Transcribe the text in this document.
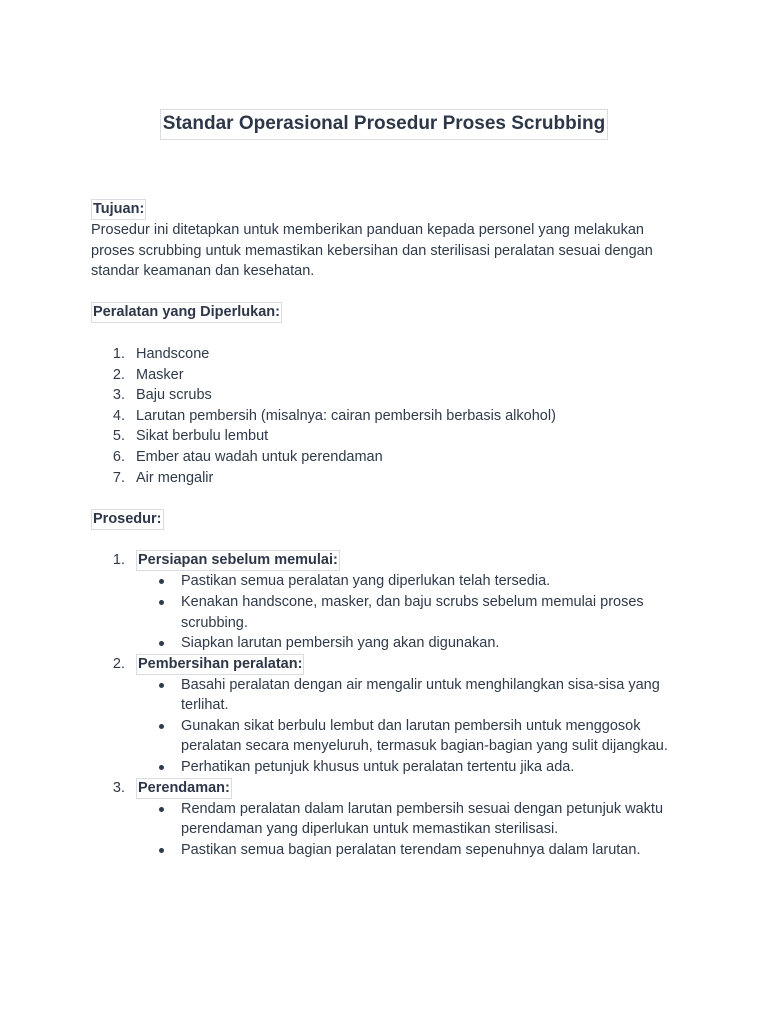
Standar Operasional Prosedur Proses Scrubbing
Tujuan:

Prosedur ini ditetapkan untuk memberikan panduan kepada personel yang melakukan proses scrubbing untuk memastikan kebersihan dan sterilisasi peralatan sesuai dengan standar keamanan dan kesehatan.

Peralatan yang Diperlukan:
1. Handscone
2. Masker
3. Baju scrubs
4. Larutan pembersih (misalnya: cairan pembersih berbasis alkohol)
5. Sikat berbulu lembut
6. Ember atau wadah untuk perendaman
7. Air mengalir
Prosedur:
1. Persiapan sebelum memulai:
Pastikan semua peralatan yang diperlukan telah tersedia.
Kenakan handscone, masker, dan baju scrubs sebelum memulai proses scrubbing.
Siapkan larutan pembersih yang akan digunakan.
2. Pembersihan peralatan:
Basahi peralatan dengan air mengalir untuk menghilangkan sisa-sisa yang terlihat.
Gunakan sikat berbulu lembut dan larutan pembersih untuk menggosok peralatan secara menyeluruh, termasuk bagian-bagian yang sulit dijangkau.
Perhatikan petunjuk khusus untuk peralatan tertentu jika ada.
3. Perendaman:
Rendam peralatan dalam larutan pembersih sesuai dengan petunjuk waktu perendaman yang diperlukan untuk memastikan sterilisasi.
Pastikan semua bagian peralatan terendam sepenuhnya dalam larutan.
